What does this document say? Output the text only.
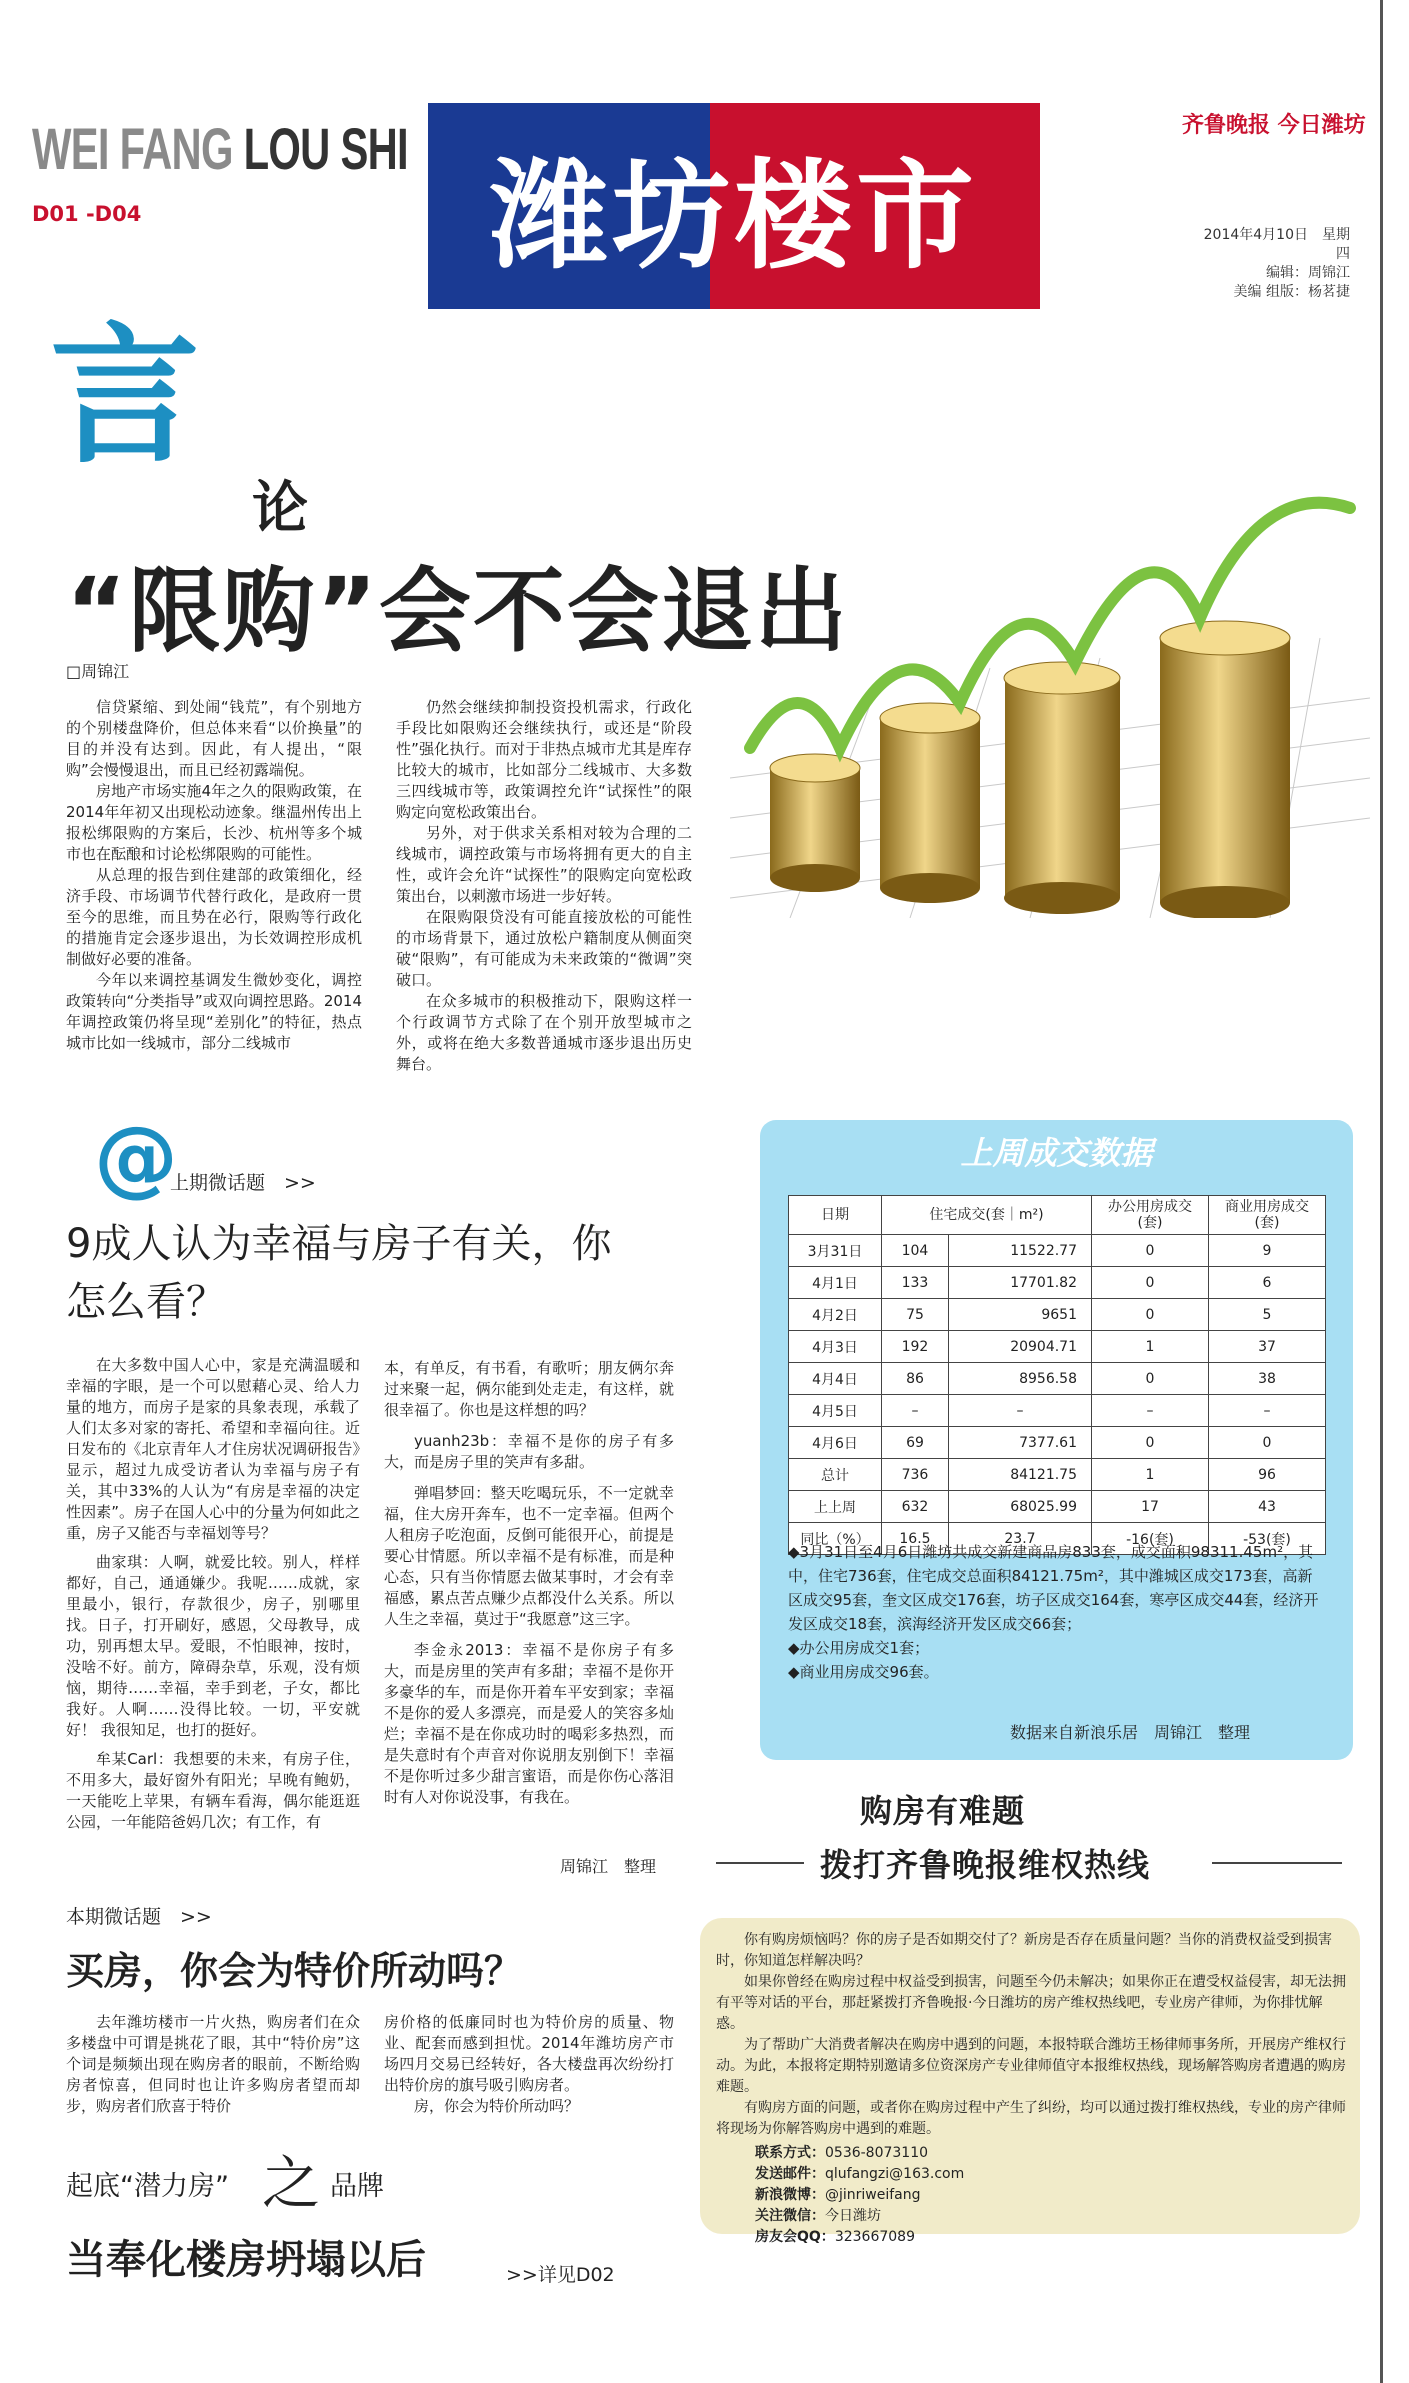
WEI FANG LOU SHI
D01 -D04	潍坊楼市
齐鲁晚报 今日潍坊
2014年4月10日　星期四
编辑：周锦江
美编 组版：杨茗捷
言
论
“限购”会不会退出
□周锦江

信贷紧缩、到处闹“钱荒”，有个别地方的个别楼盘降价，但总体来看“以价换量”的目的并没有达到。因此，有人提出，“限购”会慢慢退出，而且已经初露端倪。

房地产市场实施4年之久的限购政策，在2014年年初又出现松动迹象。继温州传出上报松绑限购的方案后，长沙、杭州等多个城市也在酝酿和讨论松绑限购的可能性。

从总理的报告到住建部的政策细化，经济手段、市场调节代替行政化，是政府一贯至今的思维，而且势在必行，限购等行政化的措施肯定会逐步退出，为长效调控形成机制做好必要的准备。

今年以来调控基调发生微妙变化，调控政策转向“分类指导”或双向调控思路。2014年调控政策仍将呈现“差别化”的特征，热点城市比如一线城市，部分二线城市

仍然会继续抑制投资投机需求，行政化手段比如限购还会继续执行，或还是“阶段性”强化执行。而对于非热点城市尤其是库存比较大的城市，比如部分二线城市、大多数三四线城市等，政策调控允许“试探性”的限购定向宽松政策出台。

另外，对于供求关系相对较为合理的二线城市，调控政策与市场将拥有更大的自主性，或许会允许“试探性”的限购定向宽松政策出台，以刺激市场进一步好转。

在限购限贷没有可能直接放松的可能性的市场背景下，通过放松户籍制度从侧面突破“限购”，有可能成为未来政策的“微调”突破口。

在众多城市的积极推动下，限购这样一个行政调节方式除了在个别开放型城市之外，或将在绝大多数普通城市逐步退出历史舞台。

@
上期微话题　>>
9成人认为幸福与房子有关，你怎么看？

在大多数中国人心中，家是充满温暖和幸福的字眼，是一个可以慰藉心灵、给人力量的地方，而房子是家的具象表现，承载了人们太多对家的寄托、希望和幸福向往。近日发布的《北京青年人才住房状况调研报告》显示，超过九成受访者认为幸福与房子有关，其中33%的人认为“有房是幸福的决定性因素”。房子在国人心中的分量为何如此之重，房子又能否与幸福划等号？

曲家琪：人啊，就爱比较。别人，样样都好，自己，通通嫌少。我呢……成就，家里最小，银行，存款很少，房子，别哪里找。日子，打开刷好，感恩，父母教导，成功，别再想太早。爱眼，不怕眼神，按时，没啥不好。前方，障碍杂草，乐观，没有烦恼，期待……幸福，幸手到老，子女，都比我好。人啊……没得比较。一切，平安就好！ 我很知足，也打的挺好。

牟某Carl：我想要的未来，有房子住，不用多大，最好窗外有阳光；早晚有鲍奶，一天能吃上苹果，有辆车看海，偶尔能逛逛公园，一年能陪爸妈几次；有工作，有

本，有单反，有书看，有歌听；朋友俩尔奔过来聚一起，俩尔能到处走走，有这样，就很幸福了。你也是这样想的吗？

yuanh23b：幸福不是你的房子有多大，而是房子里的笑声有多甜。

弹唱梦回：整天吃喝玩乐，不一定就幸福，住大房开奔车，也不一定幸福。但两个人租房子吃泡面，反倒可能很开心，前提是要心甘情愿。所以幸福不是有标准，而是种心态，只有当你情愿去做某事时，才会有幸福感，累点苦点赚少点都没什么关系。所以人生之幸福，莫过于“我愿意”这三字。

李金永2013：幸福不是你房子有多大，而是房里的笑声有多甜；幸福不是你开多豪华的车，而是你开着车平安到家；幸福不是你的爱人多漂亮，而是爱人的笑容多灿烂；幸福不是在你成功时的喝彩多热烈，而是失意时有个声音对你说朋友别倒下！幸福不是你听过多少甜言蜜语，而是你伤心落泪时有人对你说没事，有我在。

周锦江　整理
上周成交数据
日期	住宅成交(套｜m²)		办公用房成交(套)	商业用房成交(套)
3月31日	104	11522.77	0	9
4月1日	133	17701.82	0	6
4月2日	75	9651	0	5
4月3日	192	20904.71	1	37
4月4日	86	8956.58	0	38
4月5日	–	–	–	–
4月6日	69	7377.61	0	0
总计	736	84121.75	1	96
上上周	632	68025.99	17	43
同比（%）	16.5	23.7	-16(套)	-53(套)
◆3月31日至4月6日潍坊共成交新建商品房833套，成交面积98311.45m²，其中，住宅736套，住宅成交总面积84121.75m²，其中潍城区成交173套，高新区成交95套，奎文区成交176套，坊子区成交164套，寒亭区成交44套，经济开发区成交18套，滨海经济开发区成交66套；
◆办公用房成交1套；
◆商业用房成交96套。
数据来自新浪乐居　周锦江　整理
购房有难题
拨打齐鲁晚报维权热线

你有购房烦恼吗？你的房子是否如期交付了？新房是否存在质量问题？当你的消费权益受到损害时，你知道怎样解决吗？

如果你曾经在购房过程中权益受到损害，问题至今仍未解决；如果你正在遭受权益侵害，却无法拥有平等对话的平台，那赶紧拨打齐鲁晚报·今日潍坊的房产维权热线吧，专业房产律师，为你排忧解惑。

为了帮助广大消费者解决在购房中遇到的问题，本报特联合潍坊王杨律师事务所，开展房产维权行动。为此，本报将定期特别邀请多位资深房产专业律师值守本报维权热线，现场解答购房者遭遇的购房难题。

有购房方面的问题，或者你在购房过程中产生了纠纷，均可以通过拨打维权热线，专业的房产律师将现场为你解答购房中遇到的难题。

联系方式：0536-8073110
发送邮件：qlufangzi@163.com
新浪微博：@jinriweifang
关注微信：今日潍坊
房友会QQ：323667089
本期微话题　>>
买房，你会为特价所动吗？

去年潍坊楼市一片火热，购房者们在众多楼盘中可谓是挑花了眼，其中“特价房”这个词是频频出现在购房者的眼前，不断给购房者惊喜，但同时也让许多购房者望而却步，购房者们欣喜于特价

房价格的低廉同时也为特价房的质量、物业、配套而感到担忧。2014年潍坊房产市场四月交易已经转好，各大楼盘再次纷纷打出特价房的旗号吸引购房者。

房，你会为特价所动吗？

起底“潜力房” 之 品牌
当奉化楼房坍塌以后	>>详见D02
